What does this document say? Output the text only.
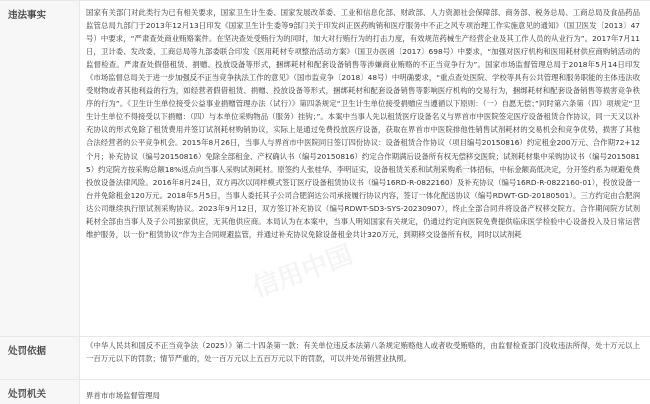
违法事实	国家有关部门对此类行为已有相关要求，国家卫生计生委、国家发展改革委、工业和信息化部、财政部、人力资源社会保障部、商务部、税务总局、工商总局及食品药品监管总局九部门于2013年12月13日印发《国家卫生计生委等9部门关于印发纠正医药购销和医疗服务中不正之风专项治理工作实施意见的通知》（国卫医发〔2013〕47号）中要求，“严肃查处商业贿赂案件。在坚决查处受贿行为的同时，加大对行贿行为的打击力度，有效规范药械生产经营企业及其工作人员的从业行为”。2017年7月11日，卫计委、发改委、工商总局等九部委联合印发《医用耗材专项整治活动方案》（国卫办医函〔2017〕698号）中要求，“加强对医疗机构和医用耗材供应商购销活动的监督检查。严肃查处假借租赁、捐赠、投放设备等形式，捆绑耗材和配套设备销售等涉嫌商业贿赂的不正当竞争行为”。国家市场监督管理总局于2018年5月14日印发《市场监督总局关于进一步加强反不正当竞争执法工作的意见》（国市监竞争〔2018〕48号）中明确要求，“重点查处医院、学校等具有公共管理和服务职能的主体违法收受财物或者其他利益的行为，如经营者假借租赁、捐赠、投放设备等形式，捆绑耗材和配套设备销售等影响医疗机构的交易行为，捆绑耗材和配套设备销售等损害竞争秩序的行为”。《卫生计生单位接受公益事业捐赠管理办法（试行）》第四条规定“卫生计生单位接受捐赠应当遵循以下原则：（一）自愿无偿；”同时第六条第（四）项规定“卫生计生单位不得接受以下捐赠：（四）与本单位采购物品（服务）挂钩；”。本案中当事人先以租赁医疗设备名义与界首市中医院签定医疗设备租赁合作协议，同一天又以补充协议的形式免除了租赁费用并签订试剂耗材购销协议，实际上是通过免费投放医疗设备，获取在界首市中医院排他性销售试剂耗材的交易机会和竞争优势，损害了其他合法经营者的公平竞争机会。2015年8月26日，当事人与界首市中医院同日签订四份协议：设备租赁合作协议（项目编号20150816）约定租金200万元、合作期72+12个月；补充协议（编号20150816）免除全部租金、产权确认书（编号20150816）约定合作期满后设备所有权无偿移交医院；试剂耗材集中采购协议书（编号20150815）约定院方按采购总额18%返点向当事人采购试剂耗材。原签约人张桂华、李明证实，设备租赁关系和试剂采购系一体招标，中标金额高低决定，分开签约系为规避免费投放设备法律风险。2016年8月24日，双方再次以同样模式签订医疗设备租赁协议书（编号16RD-R-0822160）及补充协议（编号16RD-R-0822160-01），投放设备一台并免除租金120万元。2018年5月5日，当事人委托其子公司合肥润达公司承接履行协议内容，签订一体化配送协议（编号RDWT-GD-20180501）。三方约定由合肥润达公司继续执行原试剂采购协议。2023年9月12日，双方签订补充协议（编号RDWT-SD3-SYS-20230907），终止全部合同并将设备产权移交院方。合作期间院方试剂耗材全部由当事人及子公司独家供应，无其他供应商。本局认为在本案中，当事人明知国家有关规定，仍通过约定向医院免费提供临床医学检验中心设备投入及日常运营维护服务，以一份“租赁协议”作为主合同规避监管，并通过补充协议免除设备租金共计320万元，到期移交设备所有权，同时以试剂耗
处罚依据
《中华人民共和国反不正当竞争法（2025）》第二十四条第一款：有关单位违反本法第八条规定贿赂他人或者收受贿赂的，由监督检查部门没收违法所得，处十万元以上一百万元以下的罚款；情节严重的，处一百万元以上五百万元以下的罚款，可以并处吊销营业执照。
处罚机关	界首市市场监督管理局
